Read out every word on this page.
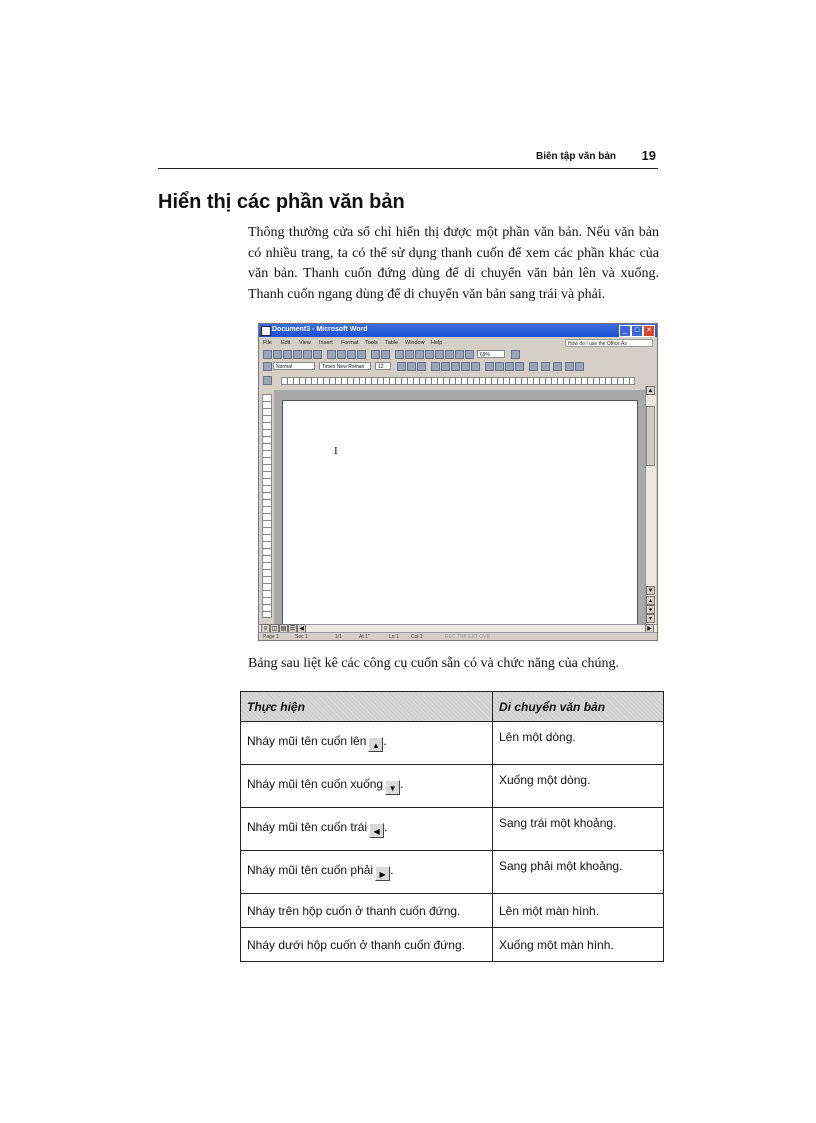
Biên tập văn bản 19
Hiển thị các phần văn bản

Thông thường cửa sổ chỉ hiển thị được một phần văn bản. Nếu văn bản có nhiều trang, ta có thể sử dụng thanh cuốn để xem các phần khác của văn bản. Thanh cuốn đứng dùng để di chuyển văn bản lên và xuống. Thanh cuốn ngang dùng để di chuyển văn bản sang trái và phải.

Document3 - Microsoft Word	_	□ ✕
File Edit View Insert Format Tools Table Window Help	How do I use the Office As
69%
Normal	Times New Roman	12
I
▲
▼
▴
●
▾
≡ ◫ ▤ ☰ ◀	▶
Page 1	Sec 1	1/1	At 1"	Ln 1 Col 1	REC TRK EXT OVR

Bảng sau liệt kê các công cụ cuốn sẵn có và chức năng của chúng.

Thực hiện	Di chuyển văn bản
Nháy mũi tên cuốn lên ▲ .	Lên một dòng.
Nháy mũi tên cuốn xuống ▼ .	Xuống một dòng.
Nháy mũi tên cuốn trái ◀ .	Sang trái một khoảng.
Nháy mũi tên cuốn phải ▶ .	Sang phải một khoảng.
Nháy trên hộp cuốn ở thanh cuốn đứng.	Lên một màn hình.
Nháy dưới hộp cuốn ở thanh cuốn đứng.	Xuống một màn hình.
